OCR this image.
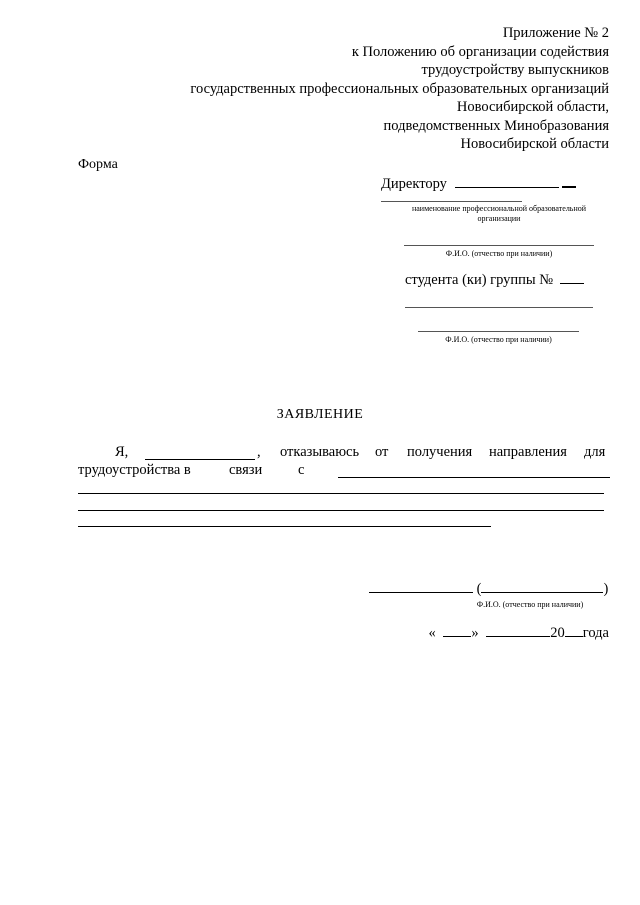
Приложение № 2
к Положению об организации содействия
трудоустройству выпускников
государственных профессиональных образовательных организаций
Новосибирской области,
подведомственных Минобразования
Новосибирской области
Форма
Директору
наименование профессиональной образовательной
организации
Ф.И.О. (отчество при наличии)
студента (ки) группы №
Ф.И.О. (отчество при наличии)
ЗАЯВЛЕНИЕ
Я,	, отказываюсь от получения направления для
трудоустройства в	связи с
(	)
Ф.И.О. (отчество при наличии)
« »	20 года
